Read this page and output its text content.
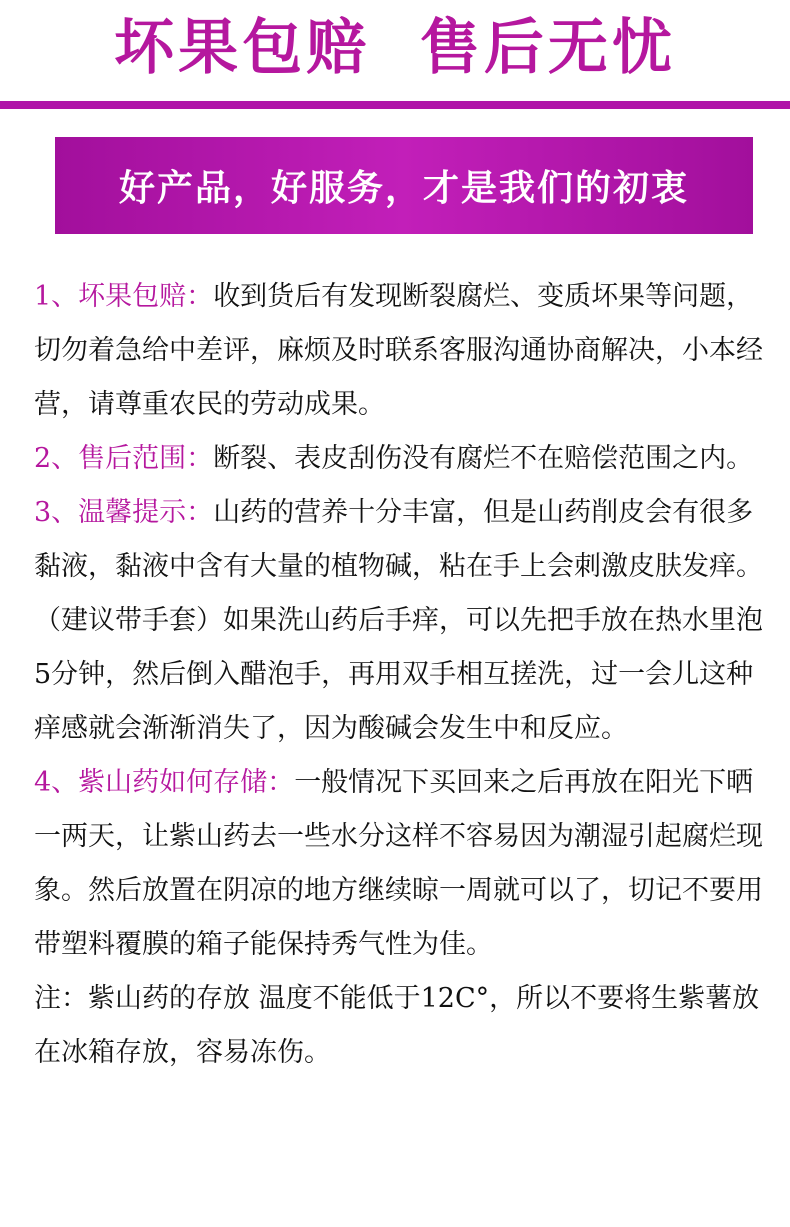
坏果包赔  售后无忧
好产品，好服务，才是我们的初衷

1、坏果包赔：收到货后有发现断裂腐烂、变质坏果等问题，切勿着急给中差评，麻烦及时联系客服沟通协商解决，小本经营，请尊重农民的劳动成果。

2、售后范围：断裂、表皮刮伤没有腐烂不在赔偿范围之内。

3、温馨提示：山药的营养十分丰富，但是山药削皮会有很多黏液，黏液中含有大量的植物碱，粘在手上会刺激皮肤发痒。（建议带手套）如果洗山药后手痒，可以先把手放在热水里泡5分钟，然后倒入醋泡手，再用双手相互搓洗，过一会儿这种痒感就会渐渐消失了，因为酸碱会发生中和反应。

4、紫山药如何存储：一般情况下买回来之后再放在阳光下晒一两天，让紫山药去一些水分这样不容易因为潮湿引起腐烂现象。然后放置在阴凉的地方继续晾一周就可以了，切记不要用带塑料覆膜的箱子能保持秀气性为佳。

注：紫山药的存放 温度不能低于12C°，所以不要将生紫薯放在冰箱存放，容易冻伤。
